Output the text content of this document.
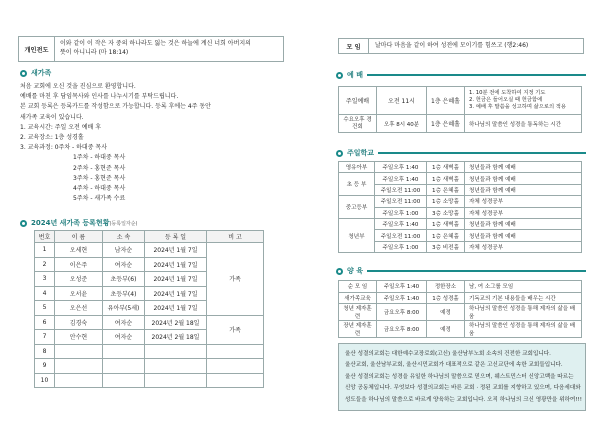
개인전도
이와 같이 이 작은 자 중의 하나라도 잃는 것은 하늘에 계신 너희 아버지의
뜻이 아니니라 (마 18:14)
새가족

처음 교회에 오신 것을 진심으로 환영합니다.

예배를 마친 후 담임목사와 인사를 나누시기를 부탁드립니다.

본 교회 등록은 등록카드를 작성함으로 가능합니다. 등록 후에는 4주 동안

새가족 교육이 있습니다.

1. 교육시간: 주일 오전 예배 후

2. 교육장소: 1층 성경홀

3. 교육과정: 0주차 - 하대중 목사

1주차 - 하대중 목사

2주차 - 홍현준 목사

3주차 - 홍현준 목사

4주차 - 하대중 목사

5주차 - 새가족 수료

2024년 새가족 등록현황 (등록일자순)
번호	이 름	소 속	등 록 일	비 고
1	오세현	남자순	2024년 1월 7일	가족
2	이은주	여자순	2024년 1월 7일	
3	오성준	초등부(6)	2024년 1월 7일	
4	오서윤	초등부(4)	2024년 1월 7일	
5	오은선	유아부(5세)	2024년 1월 7일	
6	김경숙	여자순	2024년 2월 18일	가족
7	안수현	여자순	2024년 2월 18일	
8				
9				
10				
모 임	날마다 마음을 같이 하여 성전에 모이기를 힘쓰고 (행2:46)
예 배
주일예배	오전 11시	1층 은혜홀	1. 10분 전에 도착하여 지정 기도
2. 헌금은 들어오실 때 헌금함에
3. 예배 후 말씀을 성고하며 삶으로의 적용

수요오후 경건회	오후 8시 40분	1층 은혜홀	하나님의 말씀인 성경을 통독하는 시간
주일학교
영유아부	주일오후 1:40	1층 새벽홀	청년들과 함께 예배
초 등 부	주일오후 1:40	1층 새벽홀	청년들과 함께 예배
	주일오전 11:00	1층 은혜홀	청년들과 함께 예배
중고등부	주일오전 11:00	1층 소망홀	자체 성경공부
	주일오후 1:00	3층 소망홀	자체 성경공부
청년부	주일오후 1:40	1층 새벽홀	청년들과 함께 예배
	주일오전 11:00	1층 은혜홀	청년들과 함께 예배
	주일오후 1:00	3층 비전홀	자체 성경공부
양 육
순 모 임	주일오후 1:40	정한장소	남, 여 소그룹 모임
새가족교육	주일오후 1:40	1층 성경홀	기독교의 기본 내용들을 배우는 시간
청년 제자훈련	금요오후 8:00	예정	하나님의 말씀인 성경을 통해 제자의 삶을 배움
장년 제자훈련	금요오후 8:00	예정	하나님의 말씀인 성경을 통해 제자의 삶을 배움

울산 성결의교회는 대한예수교장로회(고신) 울산남부노회 소속의 건전한 교회입니다.

울산교회, 울산남부교회, 울산시민교회가 대표적으로 같은 고신교단에 속한 교회들입니다.

울산 성결의교회는 성경을 유일한 하나님의 말씀으로 믿으며, 웨스트민스터 신앙고백을 따르는

신앙 공동체입니다. 무엇보다 성결의교회는 바른 교회 · 정된 교회를 지향하고 있으며, 다음세대와

성도들을 하나님의 말씀으로 바르게 양육하는 교회입니다. 오직 하나님의 크신 영광만을 위하여!!!
